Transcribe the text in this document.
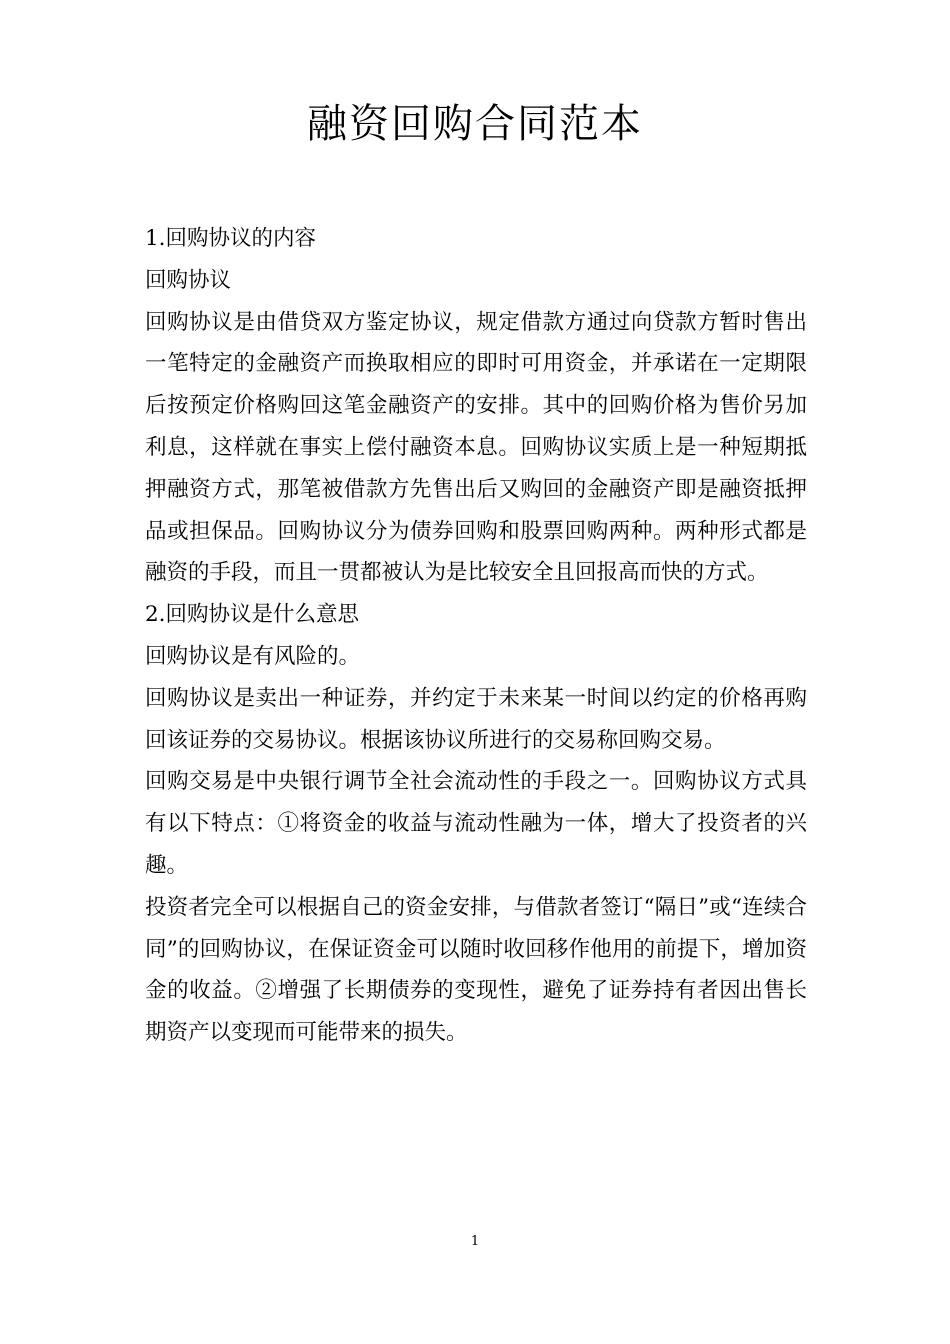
融资回购合同范本

1.回购协议的内容

回购协议

回购协议是由借贷双方鉴定协议，规定借款方通过向贷款方暂时售出一笔特定的金融资产而换取相应的即时可用资金，并承诺在一定期限后按预定价格购回这笔金融资产的安排。其中的回购价格为售价另加利息，这样就在事实上偿付融资本息。回购协议实质上是一种短期抵押融资方式，那笔被借款方先售出后又购回的金融资产即是融资抵押品或担保品。回购协议分为债券回购和股票回购两种。两种形式都是融资的手段，而且一贯都被认为是比较安全且回报高而快的方式。

2.回购协议是什么意思

回购协议是有风险的。

回购协议是卖出一种证券，并约定于未来某一时间以约定的价格再购回该证券的交易协议。根据该协议所进行的交易称回购交易。

回购交易是中央银行调节全社会流动性的手段之一。回购协议方式具有以下特点：①将资金的收益与流动性融为一体，增大了投资者的兴趣。

投资者完全可以根据自己的资金安排，与借款者签订“隔日”或“连续合同”的回购协议，在保证资金可以随时收回移作他用的前提下，增加资金的收益。②增强了长期债券的变现性，避免了证券持有者因出售长期资产以变现而可能带来的损失。

1
